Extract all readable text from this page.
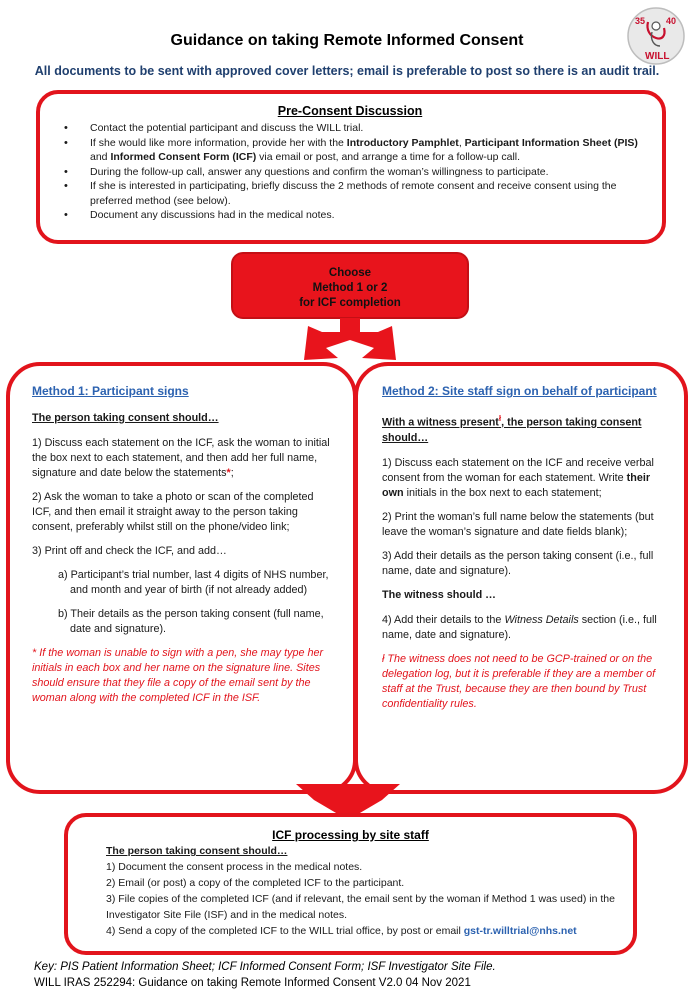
Guidance on taking Remote Informed Consent
All documents to be sent with approved cover letters; email is preferable to post so there is an audit trail.
35 40
WILL
Pre-Consent Discussion
• Contact the potential participant and discuss the WILL trial.
• If she would like more information, provide her with the Introductory Pamphlet, Participant Information Sheet (PIS) and Informed Consent Form (ICF) via email or post, and arrange a time for a follow-up call.
• During the follow-up call, answer any questions and confirm the woman’s willingness to participate.
• If she is interested in participating, briefly discuss the 2 methods of remote consent and receive consent using the preferred method (see below).
• Document any discussions had in the medical notes.
Choose
Method 1 or 2
for ICF completion
Method 1: Participant signs
The person taking consent should…
1) Discuss each statement on the ICF, ask the woman to initial the box next to each statement, and then add her full name, signature and date below the statements*;
2) Ask the woman to take a photo or scan of the completed ICF, and then email it straight away to the person taking consent, preferably whilst still on the phone/video link;
3) Print off and check the ICF, and add…
a) Participant’s trial number, last 4 digits of NHS number, and month and year of birth (if not already added)
b) Their details as the person taking consent (full name, date and signature).
* If the woman is unable to sign with a pen, she may type her initials in each box and her name on the signature line. Sites should ensure that they file a copy of the email sent by the woman along with the completed ICF in the ISF.
Method 2: Site staff sign on behalf of participant
With a witness present$^ł$, the person taking consent should…
1) Discuss each statement on the ICF and receive verbal consent from the woman for each statement. Write their own initials in the box next to each statement;
2) Print the woman’s full name below the statements (but leave the woman’s signature and date fields blank);
3) Add their details as the person taking consent (i.e., full name, date and signature).
The witness should …
4) Add their details to the Witness Details section (i.e., full name, date and signature).
ł The witness does not need to be GCP-trained or on the delegation log, but it is preferable if they are a member of staff at the Trust, because they are then bound by Trust confidentiality rules.
ICF processing by site staff
The person taking consent should…
1) Document the consent process in the medical notes.
2) Email (or post) a copy of the completed ICF to the participant.
3) File copies of the completed ICF (and if relevant, the email sent by the woman if Method 1 was used) in the Investigator Site File (ISF) and in the medical notes.
4) Send a copy of the completed ICF to the WILL trial office, by post or email gst-tr.willtrial@nhs.net
Key: PIS Patient Information Sheet; ICF Informed Consent Form; ISF Investigator Site File.
WILL IRAS 252294: Guidance on taking Remote Informed Consent V2.0 04 Nov 2021
